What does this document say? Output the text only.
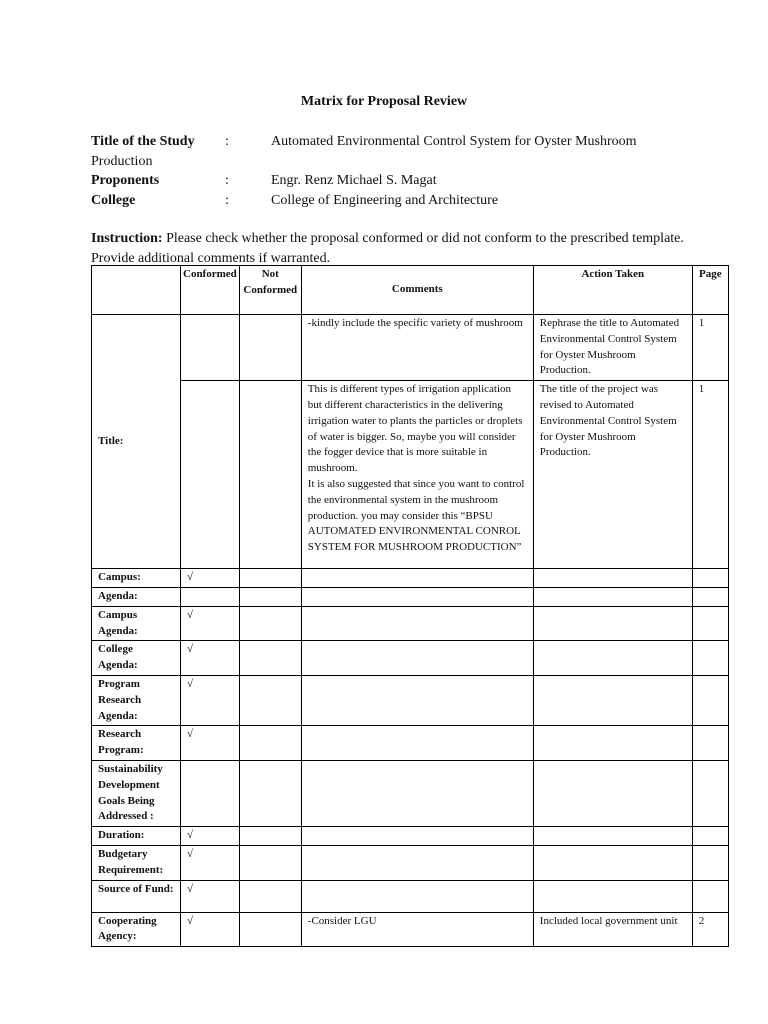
Matrix for Proposal Review
Title of the Study :	Automated Environmental Control System for Oyster Mushroom
Production
Proponents	:	Engr. Renz Michael S. Magat
College	:	College of Engineering and Architecture
Instruction: Please check whether the proposal conformed or did not conform to the prescribed template. Provide additional comments if warranted.
	Conformed	Not Conformed	Comments	Action Taken	Page
Title:			-kindly include the specific variety of mushroom	Rephrase the title to Automated Environmental Control System for Oyster Mushroom Production.	1

			This is different types of irrigation application but different characteristics in the delivering irrigation water to plants the particles or droplets of water is bigger. So, maybe you will consider the fogger device that is more suitable in mushroom.
It is also suggested that since you want to control the environmental system in the mushroom production. you may consider this “BPSU AUTOMATED ENVIRONMENTAL CONROL SYSTEM FOR MUSHROOM PRODUCTION”	The title of the project was revised to Automated Environmental Control System for Oyster Mushroom Production.	1
Campus:	√				
Agenda:					
Campus Agenda:	√				
College Agenda:	√				
Program Research Agenda:	√				
Research Program:	√				
Sustainability Development Goals Being Addressed :					
Duration:	√				
Budgetary Requirement:	√				
Source of Fund:	√				
Cooperating Agency:	√		-Consider LGU	Included local government unit	2
